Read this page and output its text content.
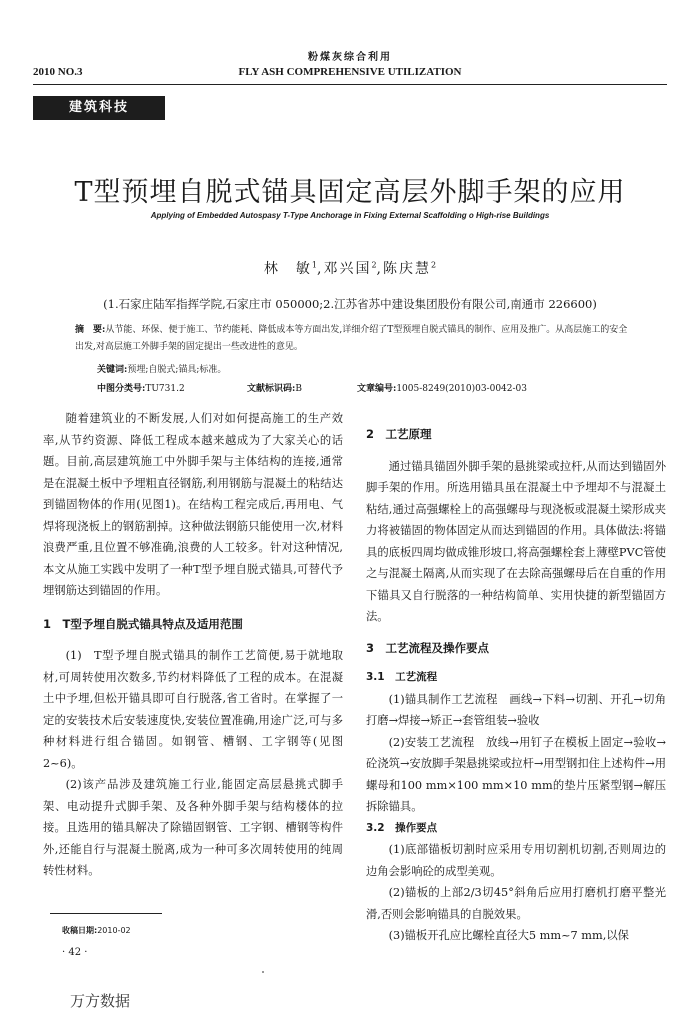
粉煤灰综合利用
2010 NO.3	FLY ASH COMPREHENSIVE UTILIZATION
建筑科技
T型预埋自脱式锚具固定高层外脚手架的应用
Applying of Embedded Autospasy T-Type Anchorage in Fixing External Scaffolding o High-rise Buildings
林　敏$^1$,邓兴国$^2$,陈庆慧$^2$
(1.石家庄陆军指挥学院,石家庄市 050000;2.江苏省苏中建设集团股份有限公司,南通市 226600)
摘　要:从节能、环保、便于施工、节约能耗、降低成本等方面出发,详细介绍了T型预埋自脱式锚具的制作、应用及推广。从高层施工的安全出发,对高层施工外脚手架的固定提出一些改进性的意见。
关键词:预埋;自脱式;锚具;标准。
中图分类号:TU731.2	文献标识码:B	文章编号:1005-8249(2010)03-0042-03

随着建筑业的不断发展,人们对如何提高施工的生产效率,从节约资源、降低工程成本越来越成为了大家关心的话题。目前,高层建筑施工中外脚手架与主体结构的连接,通常是在混凝土板中予埋粗直径钢筋,利用钢筋与混凝土的粘结达到锚固物体的作用(见图1)。在结构工程完成后,再用电、气焊将现浇板上的钢筋割掉。这种做法钢筋只能使用一次,材料浪费严重,且位置不够准确,浪费的人工较多。针对这种情况,本文从施工实践中发明了一种T型予埋自脱式锚具,可替代予埋钢筋达到锚固的作用。

1　T型予埋自脱式锚具特点及适用范围

(1)　T型予埋自脱式锚具的制作工艺简便,易于就地取材,可周转使用次数多,节约材料降低了工程的成本。在混凝土中予埋,但松开锚具即可自行脱落,省工省时。在掌握了一定的安装技术后安装速度快,安装位置准确,用途广泛,可与多种材料进行组合锚固。如钢管、槽钢、工字钢等(见图2~6)。

(2)该产品涉及建筑施工行业,能固定高层悬挑式脚手架、电动提升式脚手架、及各种外脚手架与结构楼体的拉接。且选用的锚具解决了除锚固钢管、工字钢、槽钢等构件外,还能自行与混凝土脱离,成为一种可多次周转使用的纯周转性材料。

2　工艺原理

通过锚具锚固外脚手架的悬挑梁或拉杆,从而达到锚固外脚手架的作用。所选用锚具虽在混凝土中予埋却不与混凝土粘结,通过高强螺栓上的高强螺母与现浇板或混凝土梁形成夹力将被锚固的物体固定从而达到锚固的作用。具体做法:将锚具的底板四周均做成锥形坡口,将高强螺栓套上薄壁PVC管使之与混凝土隔离,从而实现了在去除高强螺母后在自重的作用下锚具又自行脱落的一种结构简单、实用快捷的新型锚固方法。

3　工艺流程及操作要点
3.1　工艺流程

(1)锚具制作工艺流程　画线→下料→切割、开孔→切角打磨→焊接→矫正→套管组装→验收

(2)安装工艺流程　放线→用钉子在模板上固定→验收→砼浇筑→安放脚手架悬挑梁或拉杆→用型钢扣住上述构件→用螺母和100 mm×100 mm×10 mm的垫片压紧型钢→解压拆除锚具。

3.2　操作要点

(1)底部锚板切割时应采用专用切割机切割,否则周边的边角会影响砼的成型美观。

(2)锚板的上部2/3切45°斜角后应用打磨机打磨平整光滑,否则会影响锚具的自脱效果。

(3)锚板开孔应比螺栓直径大5 mm~7 mm,以保

收稿日期:2010-02
· 42 ·
万方数据
